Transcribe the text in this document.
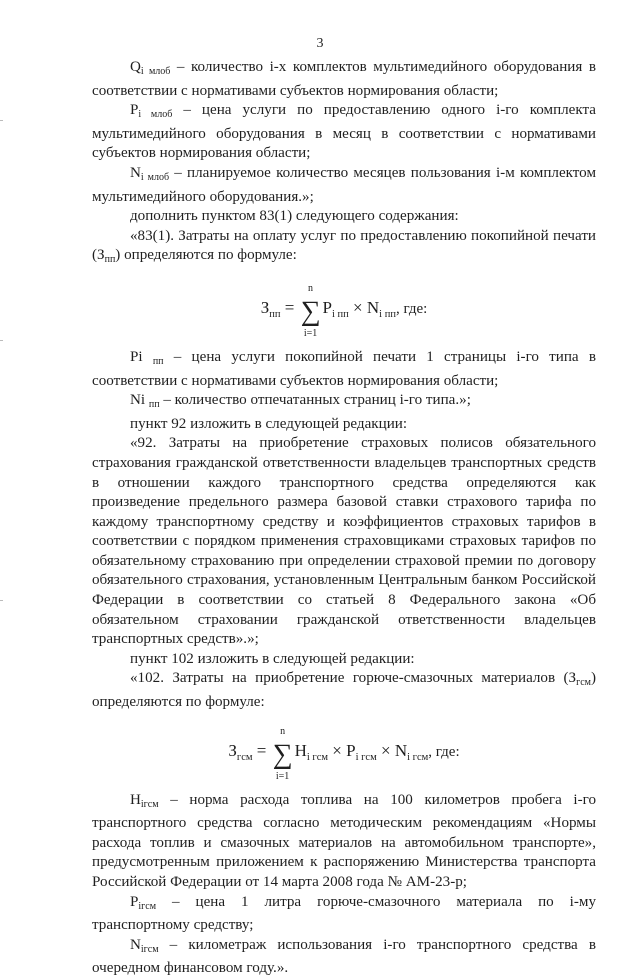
3

$Q_{i млоб}$ – количество i-х комплектов мультимедийного оборудования в соответствии с нормативами субъектов нормирования области;

$P_{i млоб}$ – цена услуги по предоставлению одного i-го комплекта мультимедийного оборудования в месяц в соответствии с нормативами субъектов нормирования области;

$N_{i млоб}$ – планируемое количество месяцев пользования i-м комплектом мультимедийного оборудования.»;

дополнить пунктом 83(1) следующего содержания:

«83(1). Затраты на оплату услуг по предоставлению покопийной печати $(З_{пп})$ определяются по формуле:

$З_{пп}$ = ∑
n
i=1
$P_{i пп} \times N_{i пп}$, где:

Pi $_{пп}$ – цена услуги покопийной печати 1 страницы i-го типа в соответствии с нормативами субъектов нормирования области;

Ni $_{пп}$ – количество отпечатанных страниц i-го типа.»;

пункт 92 изложить в следующей редакции:

«92. Затраты на приобретение страховых полисов обязательного страхования гражданской ответственности владельцев транспортных средств в отношении каждого транспортного средства определяются как произведение предельного размера базовой ставки страхового тарифа по каждому транспортному средству и коэффициентов страховых тарифов в соответствии с порядком применения страховщиками страховых тарифов по обязательному страхованию при определении страховой премии по договору обязательного страхования, установленным Центральным банком Российской Федерации в соответствии со статьей 8 Федерального закона «Об обязательном страховании гражданской ответственности владельцев транспортных средств».»;

пункт 102 изложить в следующей редакции:

«102. Затраты на приобретение горюче-смазочных материалов $(З_{гсм})$ определяются по формуле:

$З_{гсм}$ = ∑
n
i=1
$H_{i гсм} \times P_{i гсм} \times N_{i гсм}$, где:

$H_{iгсм}$ – норма расхода топлива на 100 километров пробега i-го транспортного средства согласно методическим рекомендациям «Нормы расхода топлив и смазочных материалов на автомобильном транспорте», предусмотренным приложением к распоряжению Министерства транспорта Российской Федерации от 14 марта 2008 года № АМ-23-р;

$P_{iгсм}$ – цена 1 литра горюче-смазочного материала по i-му транспортному средству;

$N_{iгсм}$ – километраж использования i-го транспортного средства в очередном финансовом году.».
